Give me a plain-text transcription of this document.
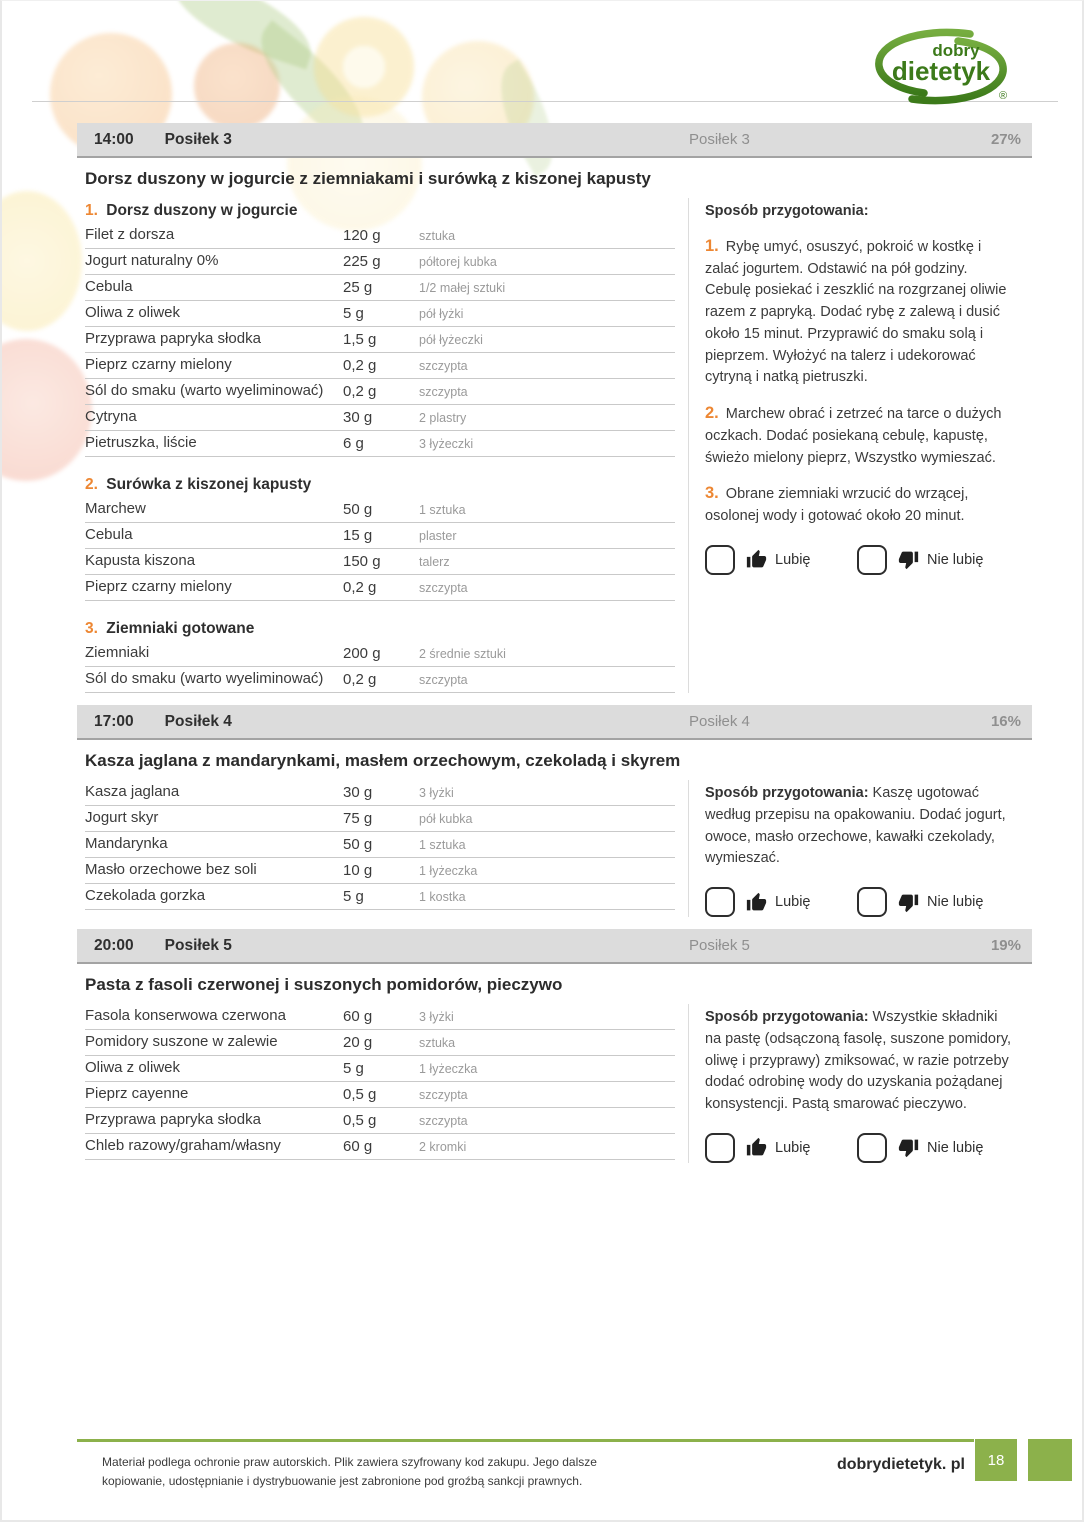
dobry
dietetyk
®
14:00 Posiłek 3	Posiłek 3	27%
Dorsz duszony w jogurcie z ziemniakami i surówką z kiszonej kapusty
1. Dorsz duszony w jogurcie
Filet z dorsza	120 g	sztuka
Jogurt naturalny 0%	225 g	półtorej kubka
Cebula	25 g	1/2 małej sztuki
Oliwa z oliwek	5 g	pół łyżki
Przyprawa papryka słodka	1,5 g	pół łyżeczki
Pieprz czarny mielony	0,2 g	szczypta
Sól do smaku (warto wyeliminować)	0,2 g	szczypta
Cytryna	30 g	2 plastry
Pietruszka, liście	6 g	3 łyżeczki
2. Surówka z kiszonej kapusty
Marchew	50 g	1 sztuka
Cebula	15 g	plaster
Kapusta kiszona	150 g	talerz
Pieprz czarny mielony	0,2 g	szczypta
3. Ziemniaki gotowane
Ziemniaki	200 g	2 średnie sztuki
Sól do smaku (warto wyeliminować)	0,2 g	szczypta

Sposób przygotowania:

1. Rybę umyć, osuszyć, pokroić w kostkę i zalać jogurtem. Odstawić na pół godziny. Cebulę posiekać i zeszklić na rozgrzanej oliwie razem z papryką. Dodać rybę z zalewą i dusić około 15 minut. Przyprawić do smaku solą i pieprzem. Wyłożyć na talerz i udekorować cytryną i natką pietruszki.

2. Marchew obrać i zetrzeć na tarce o dużych oczkach. Dodać posiekaną cebulę, kapustę, świeżo mielony pieprz, Wszystko wymieszać.

3. Obrane ziemniaki wrzucić do wrzącej, osolonej wody i gotować około 20 minut.

Lubię	Nie lubię
17:00 Posiłek 4	Posiłek 4	16%
Kasza jaglana z mandarynkami, masłem orzechowym, czekoladą i skyrem
Kasza jaglana	30 g	3 łyżki
Jogurt skyr	75 g	pół kubka
Mandarynka	50 g	1 sztuka
Masło orzechowe bez soli	10 g	1 łyżeczka
Czekolada gorzka	5 g	1 kostka

Sposób przygotowania: Kaszę ugotować według przepisu na opakowaniu. Dodać jogurt, owoce, masło orzechowe, kawałki czekolady, wymieszać.

Lubię	Nie lubię
20:00 Posiłek 5	Posiłek 5	19%
Pasta z fasoli czerwonej i suszonych pomidorów, pieczywo
Fasola konserwowa czerwona	60 g	3 łyżki
Pomidory suszone w zalewie	20 g	sztuka
Oliwa z oliwek	5 g	1 łyżeczka
Pieprz cayenne	0,5 g	szczypta
Przyprawa papryka słodka	0,5 g	szczypta
Chleb razowy/graham/własny	60 g	2 kromki

Sposób przygotowania: Wszystkie składniki na pastę (odsączoną fasolę, suszone pomidory, oliwę i przyprawy) zmiksować, w razie potrzeby dodać odrobinę wody do uzyskania pożądanej konsystencji. Pastą smarować pieczywo.

Lubię	Nie lubię
18
Materiał podlega ochronie praw autorskich. Plik zawiera szyfrowany kod zakupu. Jego dalsze kopiowanie, udostępnianie i dystrybuowanie jest zabronione pod groźbą sankcji prawnych.
dobrydietetyk. pl
